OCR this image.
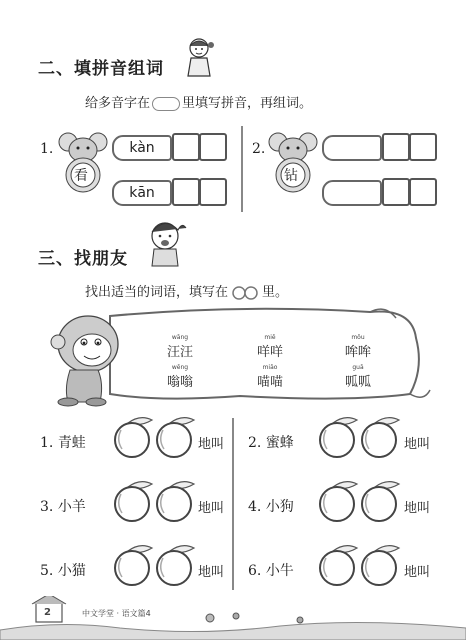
二、填拼音组词
给多音字在 里填写拼音，再组词。
1.
看
kàn
kān
2.
钻
三、找朋友
找出适当的词语，填写在	里。
wāng
汪汪
miē
咩咩
mōu
哞哞
wēng
嗡嗡
miāo
喵喵
guā
呱呱
1. 青蛙
3. 小羊
5. 小猫
地叫
地叫
地叫
2. 蜜蜂
4. 小狗
6. 小牛
地叫
地叫
地叫
2	中文学堂 · 语文篇4
